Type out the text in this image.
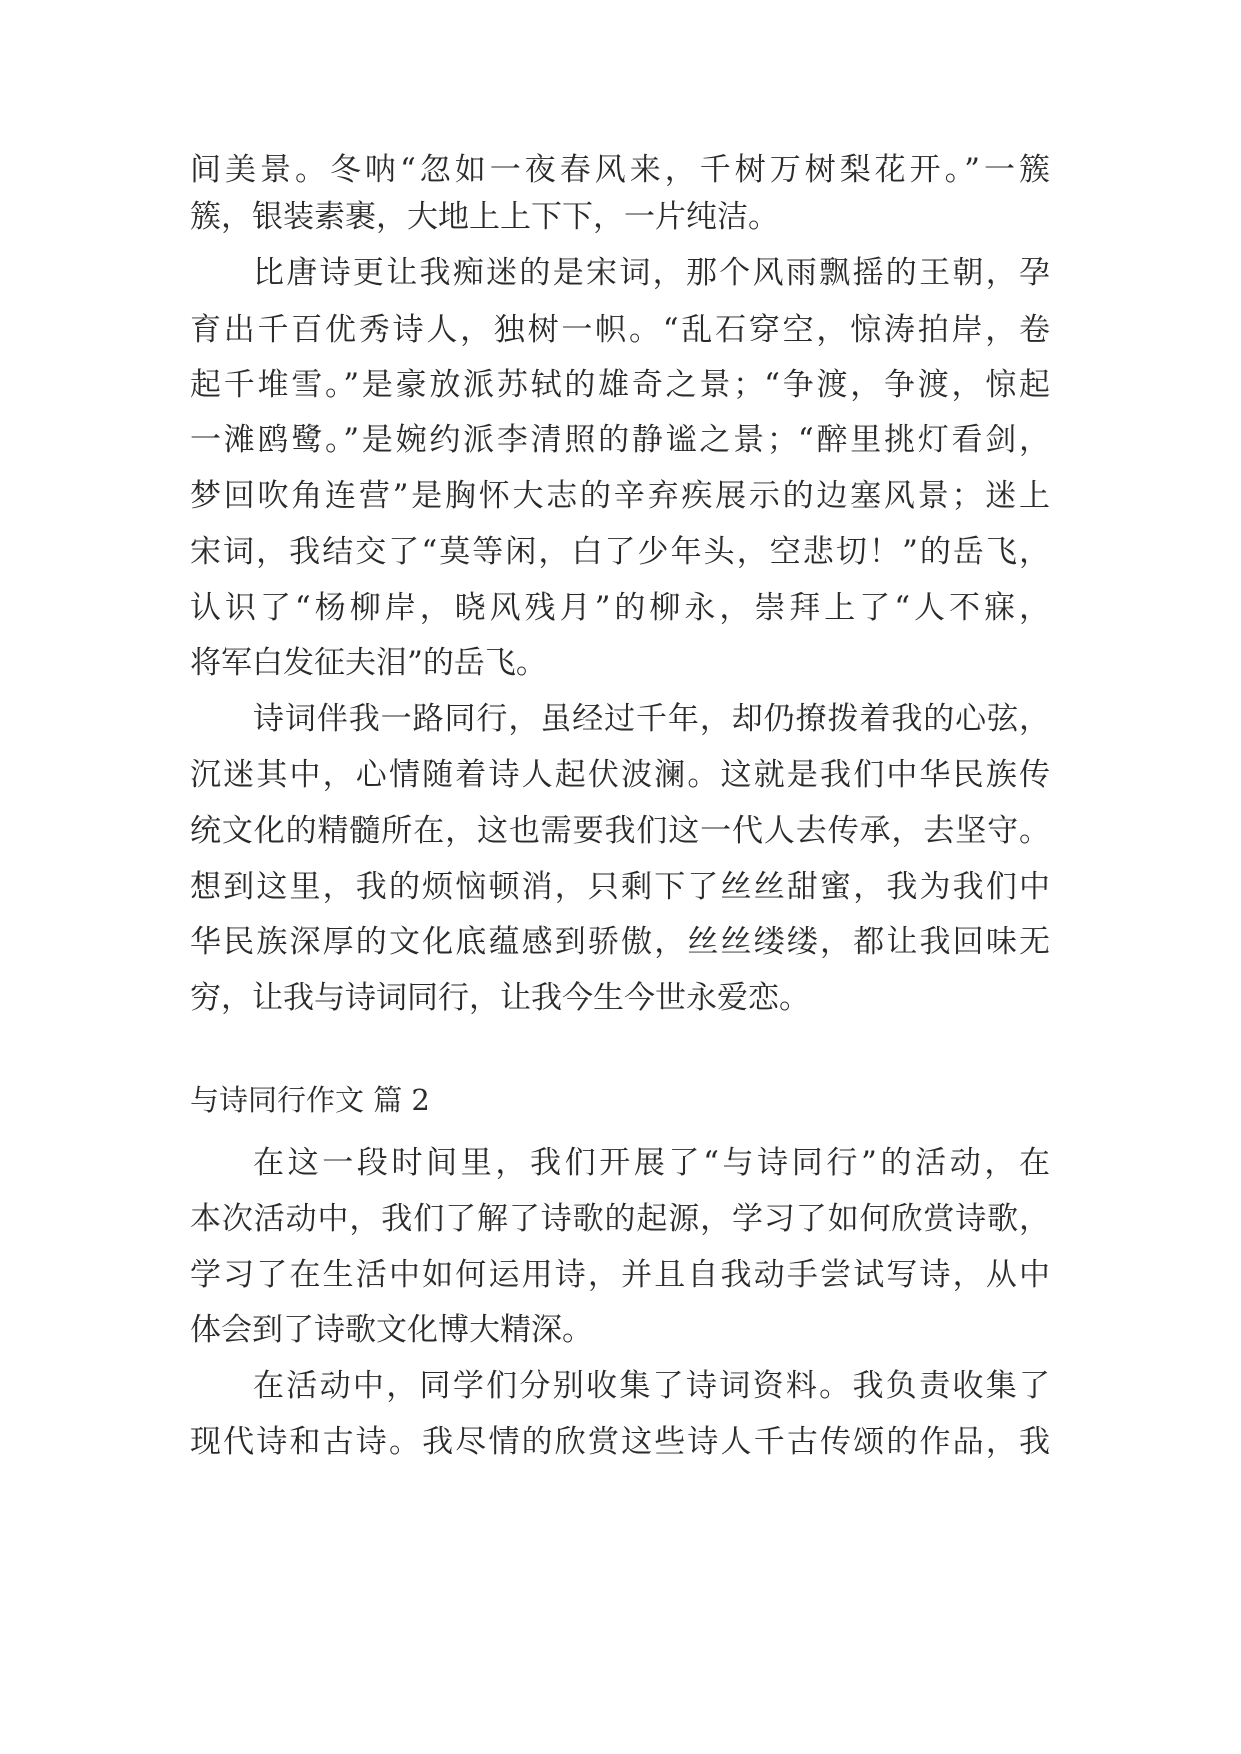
间美景。冬呐“忽如一夜春风来，千树万树梨花开。”一簇
簇，银装素裹，大地上上下下，一片纯洁。
比唐诗更让我痴迷的是宋词，那个风雨飘摇的王朝，孕
育出千百优秀诗人，独树一帜。“乱石穿空，惊涛拍岸，卷
起千堆雪。”是豪放派苏轼的雄奇之景；“争渡，争渡，惊起
一滩鸥鹭。”是婉约派李清照的静谧之景；“醉里挑灯看剑，
梦回吹角连营”是胸怀大志的辛弃疾展示的边塞风景；迷上
宋词，我结交了“莫等闲，白了少年头，空悲切！”的岳飞，
认识了“杨柳岸，晓风残月”的柳永，崇拜上了“人不寐，
将军白发征夫泪”的岳飞。
诗词伴我一路同行，虽经过千年，却仍撩拨着我的心弦，
沉迷其中，心情随着诗人起伏波澜。这就是我们中华民族传
统文化的精髓所在，这也需要我们这一代人去传承，去坚守。
想到这里，我的烦恼顿消，只剩下了丝丝甜蜜，我为我们中
华民族深厚的文化底蕴感到骄傲，丝丝缕缕，都让我回味无
穷，让我与诗词同行，让我今生今世永爱恋。
与诗同行作文 篇 2
在这一段时间里，我们开展了“与诗同行”的活动，在
本次活动中，我们了解了诗歌的起源，学习了如何欣赏诗歌，
学习了在生活中如何运用诗，并且自我动手尝试写诗，从中
体会到了诗歌文化博大精深。
在活动中，同学们分别收集了诗词资料。我负责收集了
现代诗和古诗。我尽情的欣赏这些诗人千古传颂的作品，我
